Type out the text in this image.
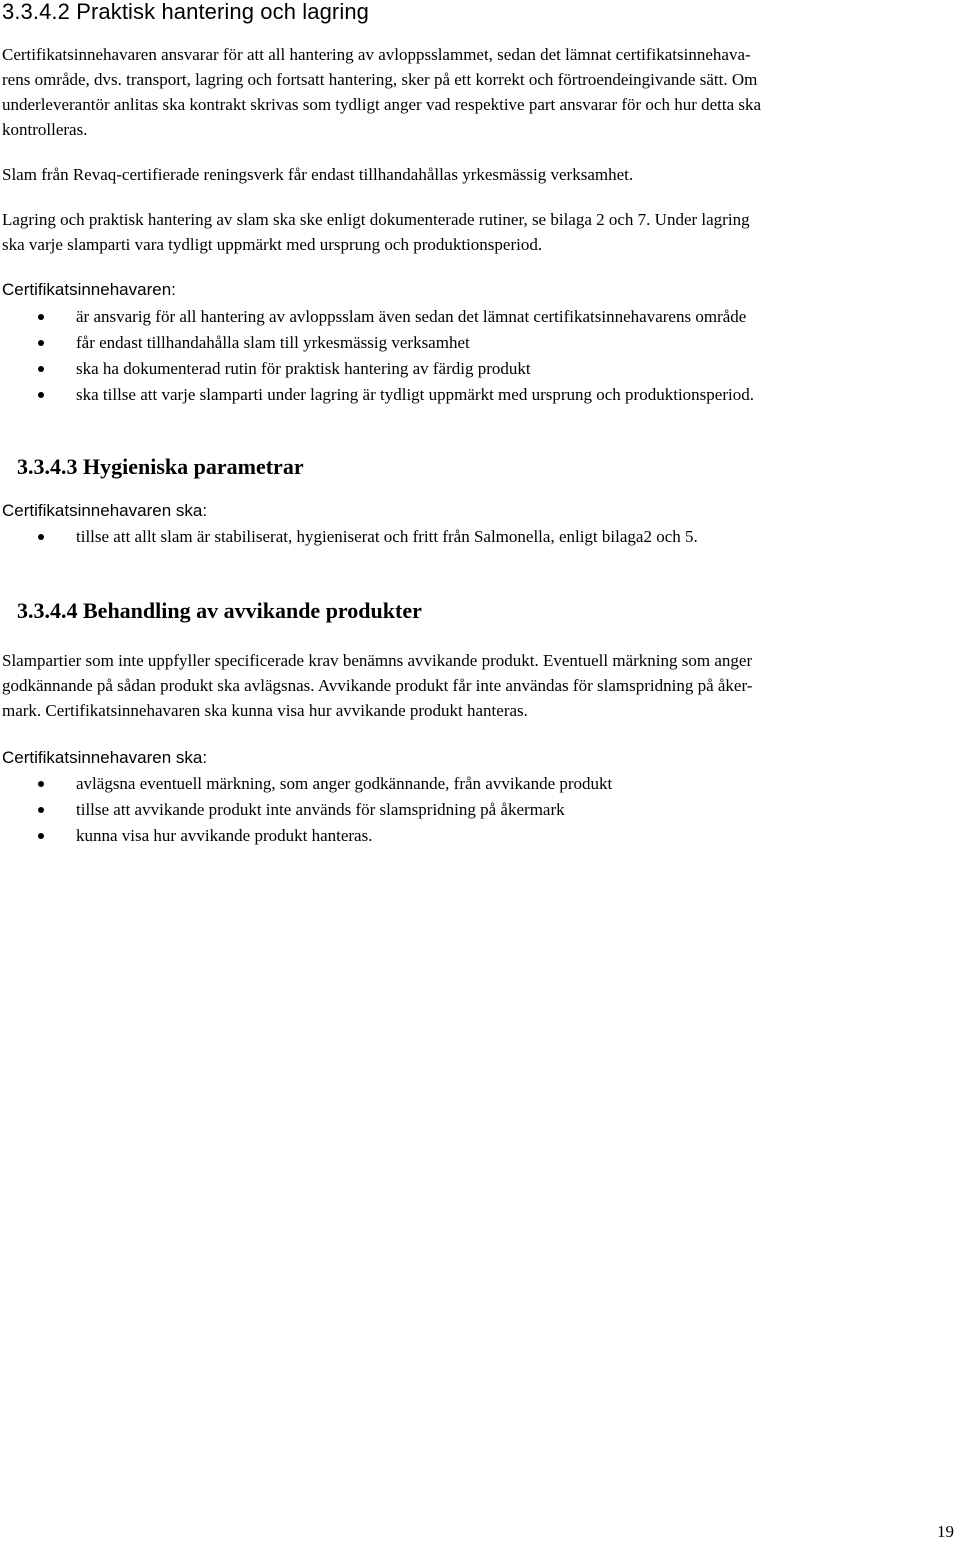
3.3.4.2 Praktisk hantering och lagring

Certifikatsinnehavaren ansvarar för att all hantering av avloppsslammet, sedan det lämnat certifikatsinnehava-

rens område, dvs. transport, lagring och fortsatt hantering, sker på ett korrekt och förtroendeingivande sätt. Om

underleverantör anlitas ska kontrakt skrivas som tydligt anger vad respektive part ansvarar för och hur detta ska

kontrolleras.

Slam från Revaq-certifierade reningsverk får endast tillhandahållas yrkesmässig verksamhet.

Lagring och praktisk hantering av slam ska ske enligt dokumenterade rutiner, se bilaga 2 och 7. Under lagring

ska varje slamparti vara tydligt uppmärkt med ursprung och produktionsperiod.

Certifikatsinnehavaren:

är ansvarig för all hantering av avloppsslam även sedan det lämnat certifikatsinnehavarens område
får endast tillhandahålla slam till yrkesmässig verksamhet
ska ha dokumenterad rutin för praktisk hantering av färdig produkt
ska tillse att varje slamparti under lagring är tydligt uppmärkt med ursprung och produktionsperiod.
3.3.4.3 Hygieniska parametrar

Certifikatsinnehavaren ska:

tillse att allt slam är stabiliserat, hygieniserat och fritt från Salmonella, enligt bilaga2 och 5.
3.3.4.4 Behandling av avvikande produkter

Slampartier som inte uppfyller specificerade krav benämns avvikande produkt. Eventuell märkning som anger

godkännande på sådan produkt ska avlägsnas. Avvikande produkt får inte användas för slamspridning på åker-

mark. Certifikatsinnehavaren ska kunna visa hur avvikande produkt hanteras.

Certifikatsinnehavaren ska:

avlägsna eventuell märkning, som anger godkännande, från avvikande produkt
tillse att avvikande produkt inte används för slamspridning på åkermark
kunna visa hur avvikande produkt hanteras.
19
